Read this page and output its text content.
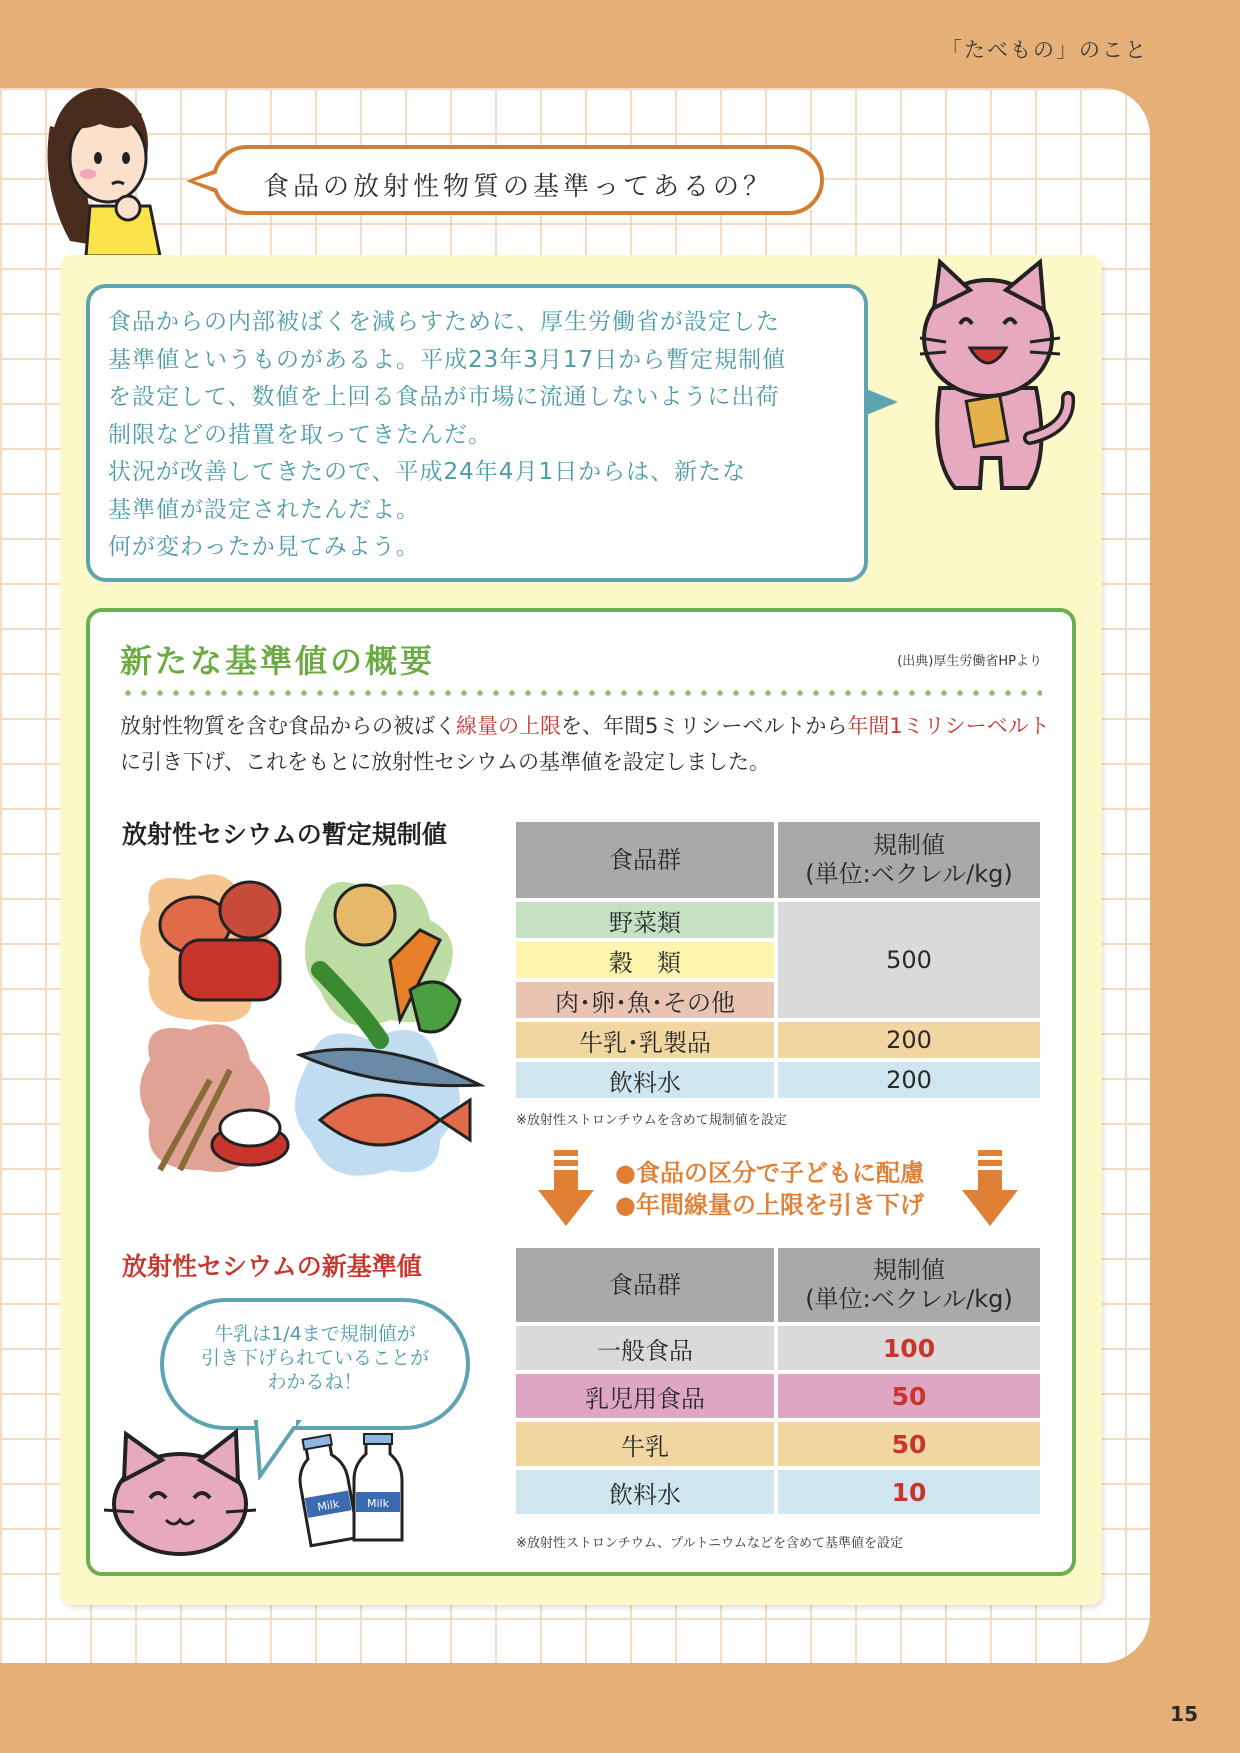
「たべもの」のこと
15
食品の放射性物質の基準ってあるの？
食品からの内部被ばくを減らすために、厚生労働省が設定した
基準値というものがあるよ。平成23年3月17日から暫定規制値
を設定して、数値を上回る食品が市場に流通しないように出荷
制限などの措置を取ってきたんだ。
状況が改善してきたので、平成24年4月1日からは、新たな
基準値が設定されたんだよ。
何が変わったか見てみよう。
新たな基準値の概要	(出典)厚生労働省HPより
放射性物質を含む食品からの被ばく線量の上限を、年間5ミリシーベルトから年間1ミリシーベルトに引き下げ、これをもとに放射性セシウムの基準値を設定しました。
放射性セシウムの暫定規制値
食品群	規制値
(単位:ベクレル/kg)
野菜類	500
穀　類	
肉･卵･魚･その他	
牛乳･乳製品	200
飲料水	200
※放射性ストロンチウムを含めて規制値を設定
●食品の区分で子どもに配慮
●年間線量の上限を引き下げ
放射性セシウムの新基準値
食品群	規制値
(単位:ベクレル/kg)
一般食品	100
乳児用食品	50
牛乳	50
飲料水	10
※放射性ストロンチウム、プルトニウムなどを含めて基準値を設定
牛乳は1/4まで規制値が
引き下げられていることが
わかるね！
Milk Milk
